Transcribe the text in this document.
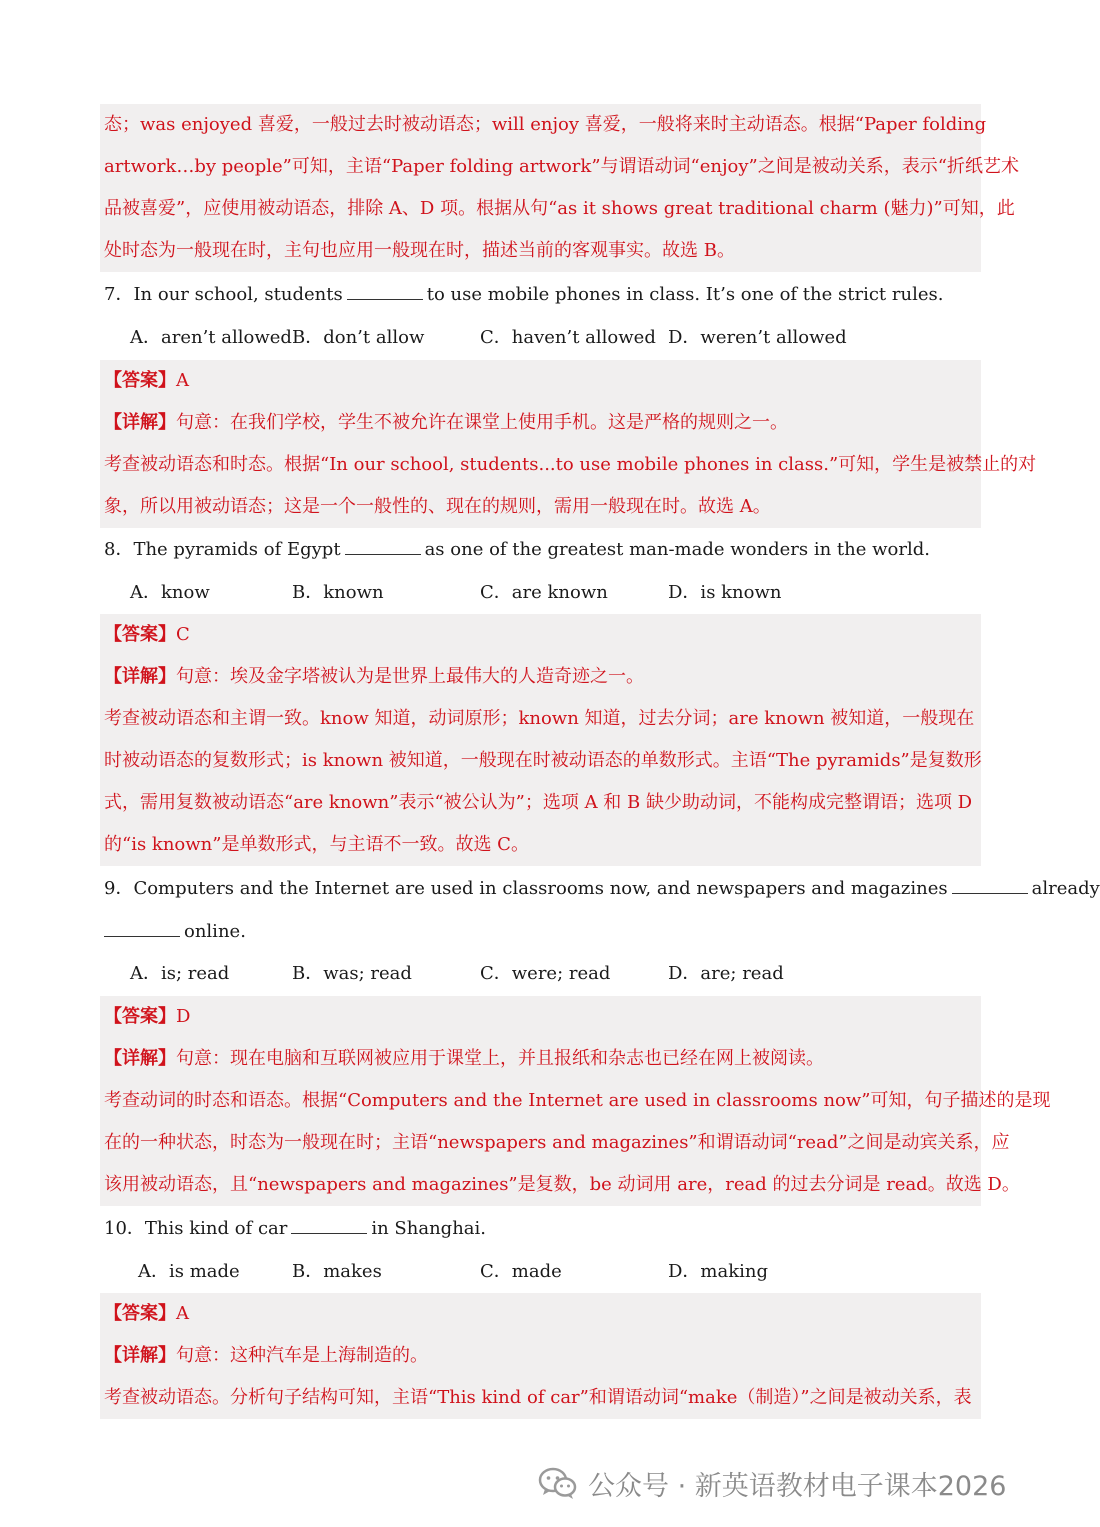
态；was enjoyed 喜爱，一般过去时被动语态；will enjoy 喜爱，一般将来时主动语态。根据“Paper folding
artwork…by people”可知，主语“Paper folding artwork”与谓语动词“enjoy”之间是被动关系，表示“折纸艺术
品被喜爱”，应使用被动语态，排除 A、D 项。根据从句“as it shows great traditional charm (魅力)”可知，此
处时态为一般现在时，主句也应用一般现在时，描述当前的客观事实。故选 B。
7．In our school, students	to use mobile phones in class. It’s one of the strict rules.
A．aren’t allowed B．don’t allow	C．haven’t allowed D．weren’t allowed
【答案】A
【详解】句意：在我们学校，学生不被允许在课堂上使用手机。这是严格的规则之一。
考查被动语态和时态。根据“In our school, students...to use mobile phones in class.”可知，学生是被禁止的对
象，所以用被动语态；这是一个一般性的、现在的规则，需用一般现在时。故选 A。
8．The pyramids of Egypt	as one of the greatest man-made wonders in the world.
A．know	B．known	C．are known	D．is known
【答案】C
【详解】句意：埃及金字塔被认为是世界上最伟大的人造奇迹之一。
考查被动语态和主谓一致。know 知道，动词原形；known 知道，过去分词；are known 被知道，一般现在
时被动语态的复数形式；is known 被知道，一般现在时被动语态的单数形式。主语“The pyramids”是复数形
式，需用复数被动语态“are known”表示“被公认为”；选项 A 和 B 缺少助动词，不能构成完整谓语；选项 D
的“is known”是单数形式，与主语不一致。故选 C。
9．Computers and the Internet are used in classrooms now, and newspapers and magazines	already
online.
A．is; read	B．was; read	C．were; read	D．are; read
【答案】D
【详解】句意：现在电脑和互联网被应用于课堂上，并且报纸和杂志也已经在网上被阅读。
考查动词的时态和语态。根据“Computers and the Internet are used in classrooms now”可知，句子描述的是现
在的一种状态，时态为一般现在时；主语“newspapers and magazines”和谓语动词“read”之间是动宾关系，应
该用被动语态，且“newspapers and magazines”是复数，be 动词用 are，read 的过去分词是 read。故选 D。
10．This kind of car	in Shanghai.
A．is made	B．makes	C．made	D．making
【答案】A
【详解】句意：这种汽车是上海制造的。
考查被动语态。分析句子结构可知，主语“This kind of car”和谓语动词“make（制造）”之间是被动关系，表
公众号 · 新英语教材电子课本2026
